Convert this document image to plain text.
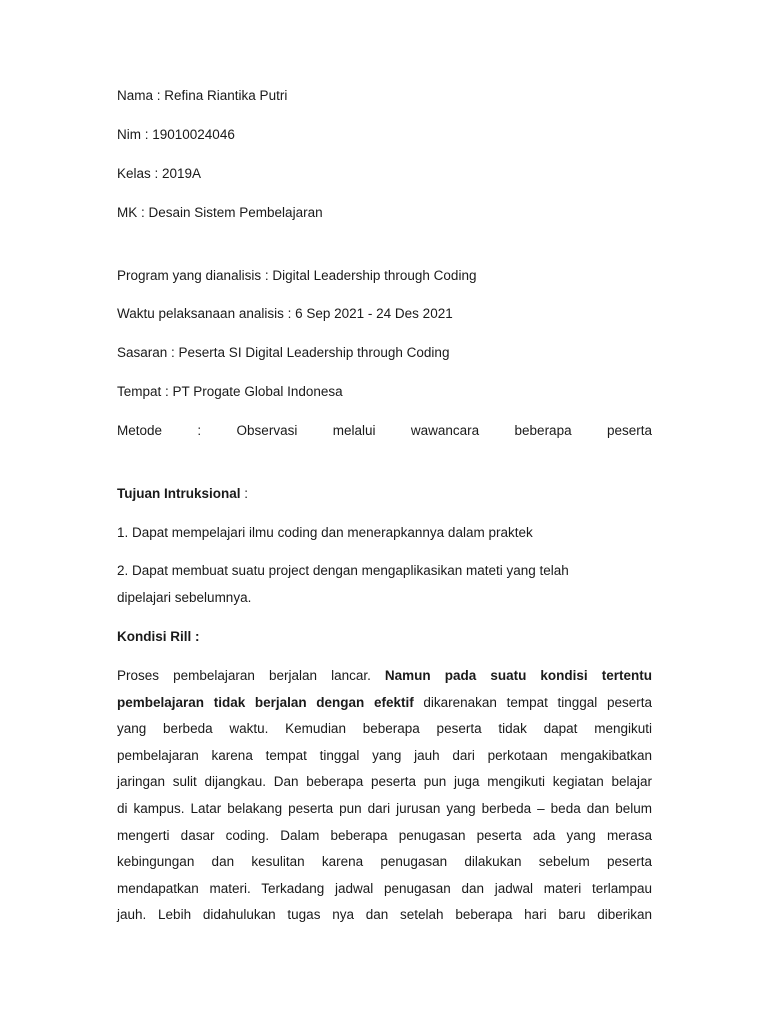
Nama : Refina Riantika Putri
Nim : 19010024046
Kelas : 2019A
MK : Desain Sistem Pembelajaran
Program yang dianalisis : Digital Leadership through Coding
Waktu pelaksanaan analisis : 6 Sep 2021 - 24 Des 2021
Sasaran : Peserta SI Digital Leadership through Coding
Tempat : PT Progate Global Indonesa
Metode : Observasi melalui wawancara beberapa peserta
Tujuan Intruksional :
1. Dapat mempelajari ilmu coding dan menerapkannya dalam praktek
2. Dapat membuat suatu project dengan mengaplikasikan mateti yang telah
dipelajari sebelumnya.
Kondisi Rill :
Proses pembelajaran berjalan lancar. Namun pada suatu kondisi tertentu
pembelajaran tidak berjalan dengan efektif dikarenakan tempat tinggal peserta
yang berbeda waktu. Kemudian beberapa peserta tidak dapat mengikuti
pembelajaran karena tempat tinggal yang jauh dari perkotaan mengakibatkan
jaringan sulit dijangkau. Dan beberapa peserta pun juga mengikuti kegiatan belajar
di kampus. Latar belakang peserta pun dari jurusan yang berbeda – beda dan belum
mengerti dasar coding. Dalam beberapa penugasan peserta ada yang merasa
kebingungan dan kesulitan karena penugasan dilakukan sebelum peserta
mendapatkan materi. Terkadang jadwal penugasan dan jadwal materi terlampau
jauh. Lebih didahulukan tugas nya dan setelah beberapa hari baru diberikan
